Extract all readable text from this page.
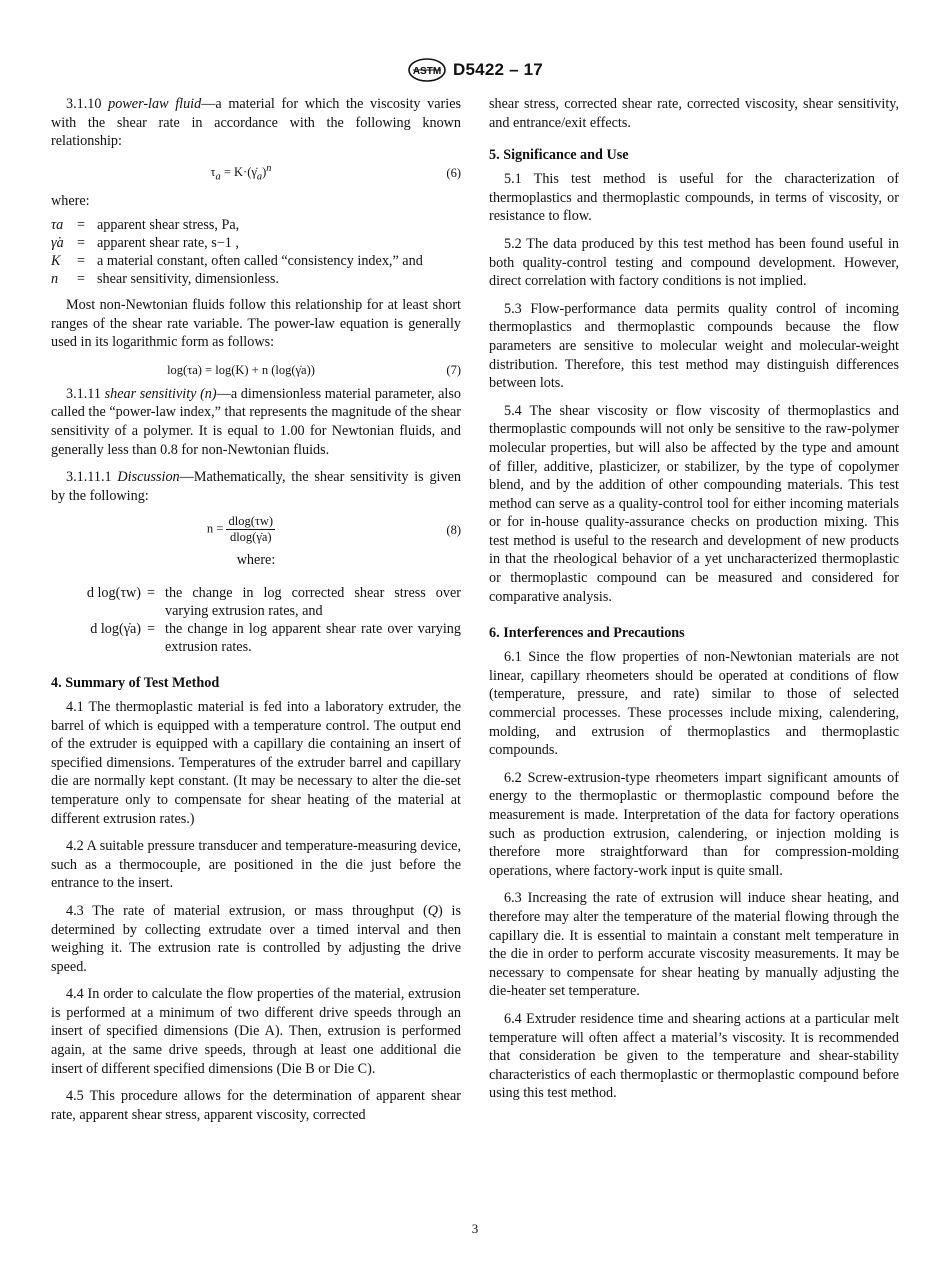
ASTM D5422 – 17

3.1.10 power-law fluid—a material for which the viscosity varies with the shear rate in accordance with the following known relationship:

$\tau_a$ = $K\cdot(\gammȧ_a)^n$	(6)

where:

τa	=	apparent shear stress, Pa,
γ̇a	=	apparent shear rate, s−1 ,
K	=	a material constant, often called “consistency index,” and
n	=	shear sensitivity, dimensionless.

Most non-Newtonian fluids follow this relationship for at least short ranges of the shear rate variable. The power-law equation is generally used in its logarithmic form as follows:

log(τa) = log(K) + n (log(γ̇a))	(7)

3.1.11 shear sensitivity (n)—a dimensionless material parameter, also called the “power-law index,” that represents the magnitude of the shear sensitivity of a polymer. It is equal to 1.00 for Newtonian fluids, and generally less than 0.8 for non-Newtonian fluids.

3.1.11.1 Discussion—Mathematically, the shear sensitivity is given by the following:

$n = \frac{dlog(\tau w)}{dlog(\gammȧa)}$	(8)
where:
d log(τw)	=	the change in log corrected shear stress over varying extrusion rates, and
d log(γ̇a)	=	the change in log apparent shear rate over varying extrusion rates.
4. Summary of Test Method

4.1 The thermoplastic material is fed into a laboratory extruder, the barrel of which is equipped with a temperature control. The output end of the extruder is equipped with a capillary die containing an insert of specified dimensions. Temperatures of the extruder barrel and capillary die are normally kept constant. (It may be necessary to alter the die-set temperature only to compensate for shear heating of the material at different extrusion rates.)

4.2 A suitable pressure transducer and temperature-measuring device, such as a thermocouple, are positioned in the die just before the entrance to the insert.

4.3 The rate of material extrusion, or mass throughput (Q) is determined by collecting extrudate over a timed interval and then weighing it. The extrusion rate is controlled by adjusting the drive speed.

4.4 In order to calculate the flow properties of the material, extrusion is performed at a minimum of two different drive speeds through an insert of specified dimensions (Die A). Then, extrusion is performed again, at the same drive speeds, through at least one additional die insert of different specified dimensions (Die B or Die C).

4.5 This procedure allows for the determination of apparent shear rate, apparent shear stress, apparent viscosity, corrected

shear stress, corrected shear rate, corrected viscosity, shear sensitivity, and entrance/exit effects.

5. Significance and Use

5.1 This test method is useful for the characterization of thermoplastics and thermoplastic compounds, in terms of viscosity, or resistance to flow.

5.2 The data produced by this test method has been found useful in both quality-control testing and compound development. However, direct correlation with factory conditions is not implied.

5.3 Flow-performance data permits quality control of incoming thermoplastics and thermoplastic compounds because the flow parameters are sensitive to molecular weight and molecular-weight distribution. Therefore, this test method may distinguish differences between lots.

5.4 The shear viscosity or flow viscosity of thermoplastics and thermoplastic compounds will not only be sensitive to the raw-polymer molecular properties, but will also be affected by the type and amount of filler, additive, plasticizer, or stabilizer, by the type of copolymer blend, and by the addition of other compounding materials. This test method can serve as a quality-control tool for either incoming materials or for in-house quality-assurance checks on production mixing. This test method is useful to the research and development of new products in that the rheological behavior of a yet uncharacterized thermoplastic or thermoplastic compound can be measured and considered for comparative analysis.

6. Interferences and Precautions

6.1 Since the flow properties of non-Newtonian materials are not linear, capillary rheometers should be operated at conditions of flow (temperature, pressure, and rate) similar to those of selected commercial processes. These processes include mixing, calendering, molding, and extrusion of thermoplastics and thermoplastic compounds.

6.2 Screw-extrusion-type rheometers impart significant amounts of energy to the thermoplastic or thermoplastic compound before the measurement is made. Interpretation of the data for factory operations such as production extrusion, calendering, or injection molding is therefore more straightforward than for compression-molding operations, where factory-work input is quite small.

6.3 Increasing the rate of extrusion will induce shear heating, and therefore may alter the temperature of the material flowing through the capillary die. It is essential to maintain a constant melt temperature in the die in order to perform accurate viscosity measurements. It may be necessary to compensate for shear heating by manually adjusting the die-heater set temperature.

6.4 Extruder residence time and shearing actions at a particular melt temperature will often affect a material’s viscosity. It is recommended that consideration be given to the temperature and shear-stability characteristics of each thermoplastic or thermoplastic compound before using this test method.

3
